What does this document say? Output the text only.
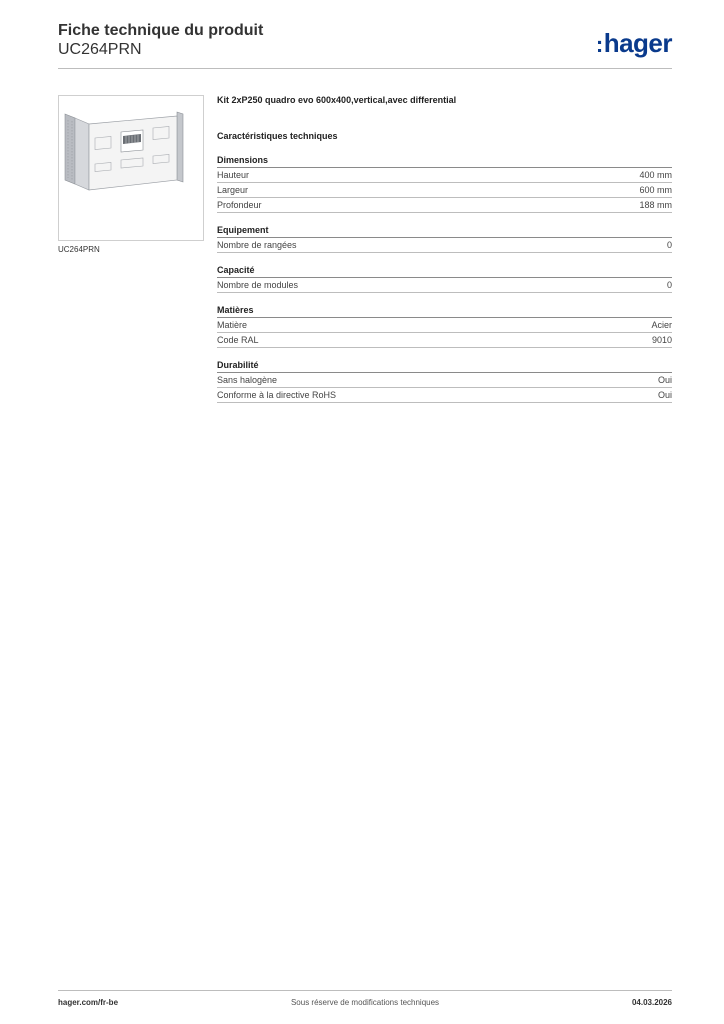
Fiche technique du produit
UC264PRN	:hager
UC264PRN
Kit 2xP250 quadro evo 600x400,vertical,avec differential
Caractéristiques techniques
Dimensions
Hauteur	400 mm
Largeur	600 mm
Profondeur	188 mm
Equipement
Nombre de rangées	0
Capacité
Nombre de modules	0
Matières
Matière	Acier
Code RAL	9010
Durabilité
Sans halogène	Oui
Conforme à la directive RoHS	Oui
hager.com/fr-be	Sous réserve de modifications techniques	04.03.2026
